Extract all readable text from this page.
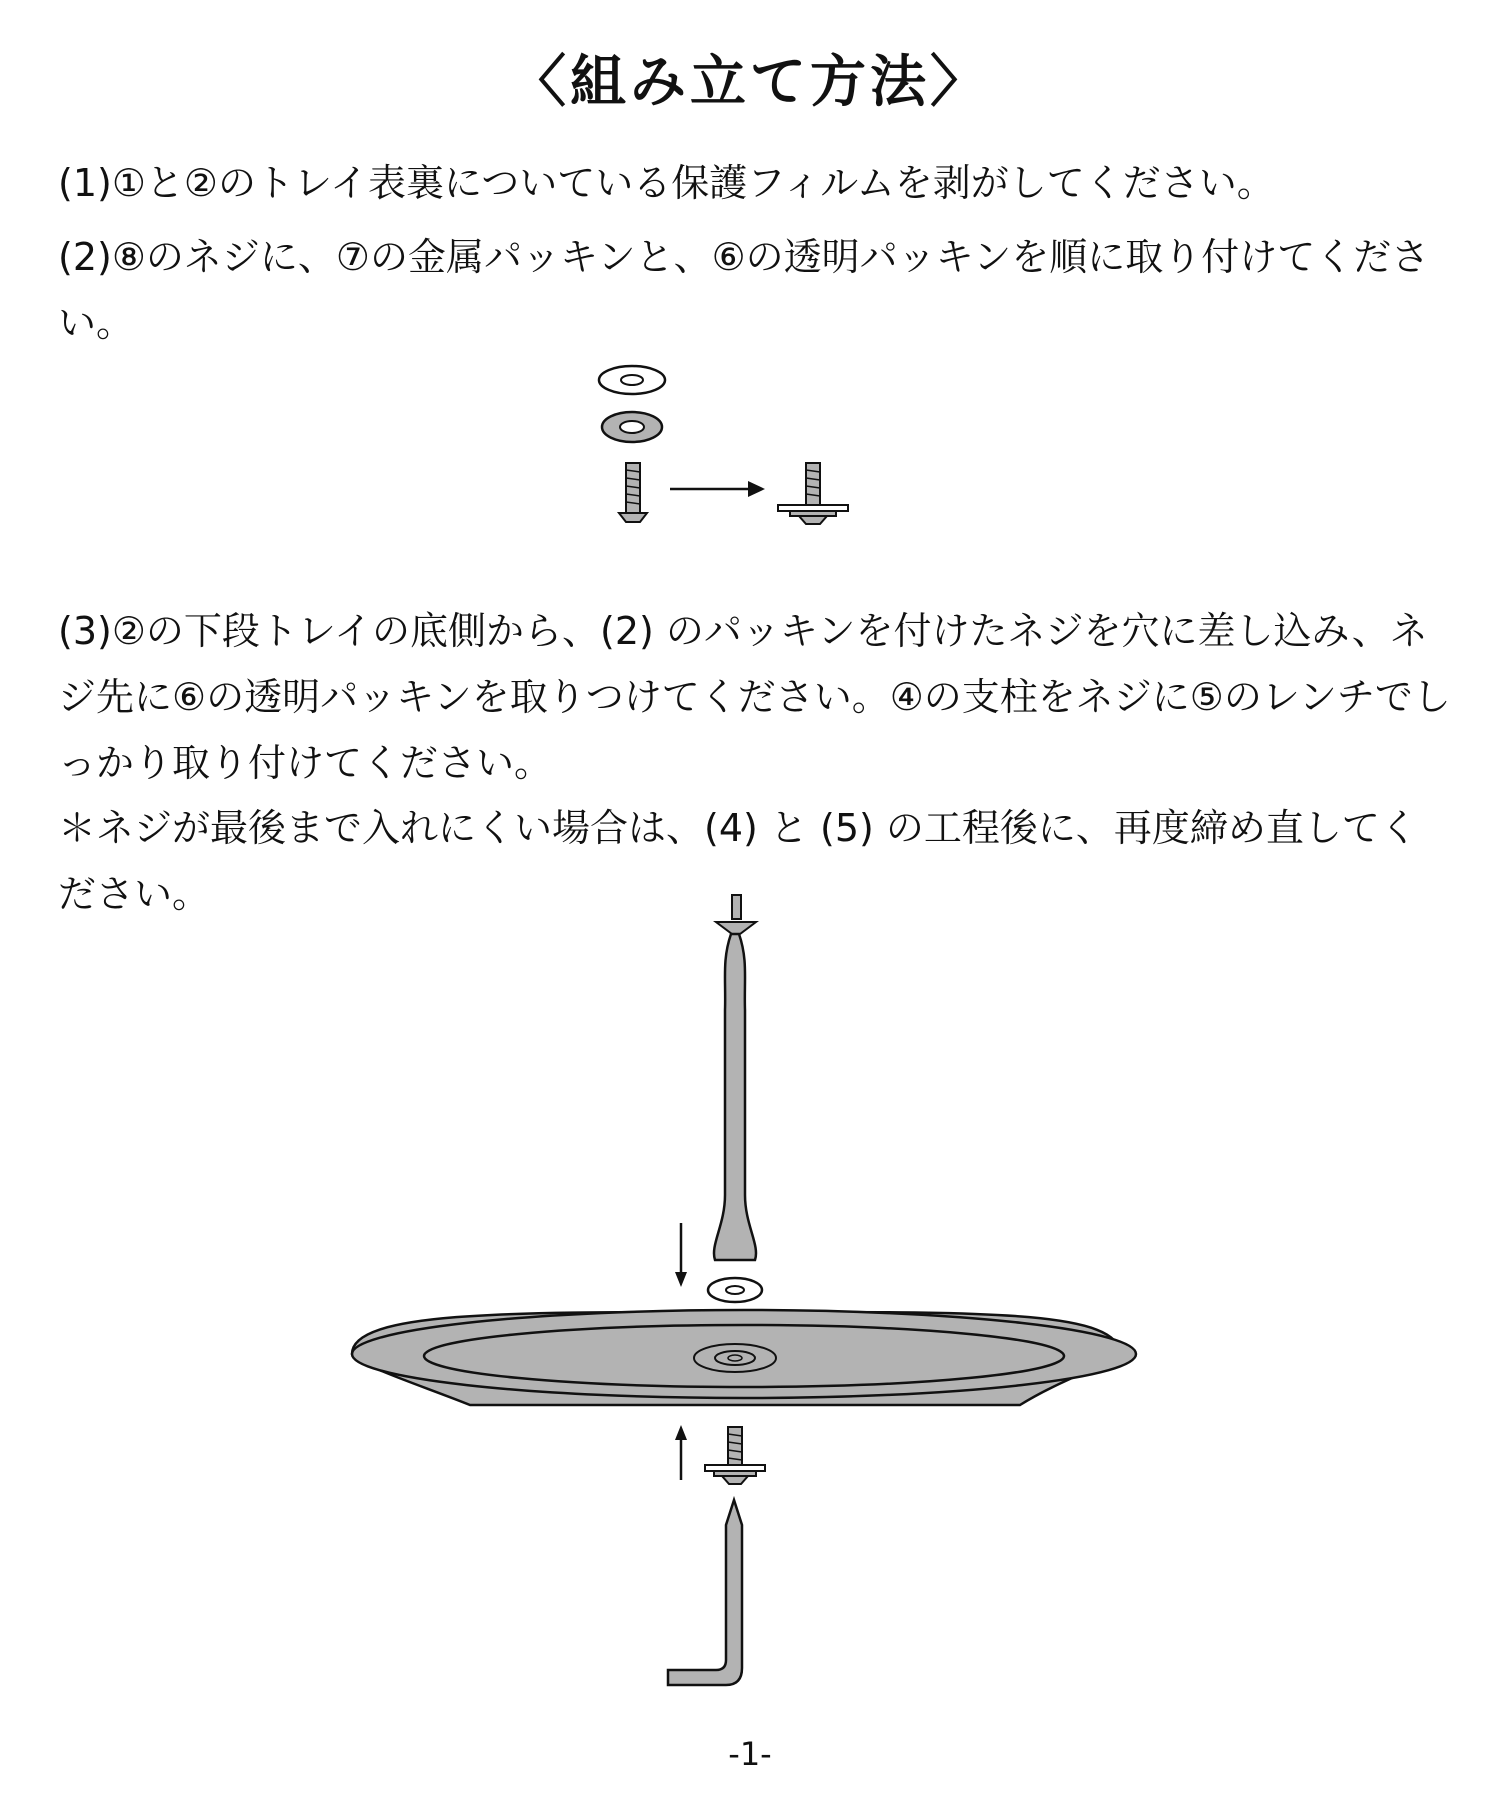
〈組み立て方法〉

(1)①と②のトレイ表裏についている保護フィルムを剥がしてください。

(2)⑧のネジに、⑦の金属パッキンと、⑥の透明パッキンを順に取り付けてください。

(3)②の下段トレイの底側から、(2) のパッキンを付けたネジを穴に差し込み、ネジ先に⑥の透明パッキンを取りつけてください。④の支柱をネジに⑤のレンチでしっかり取り付けてください。

＊ネジが最後まで入れにくい場合は、(4) と (5) の工程後に、再度締め直してください。

-1-
